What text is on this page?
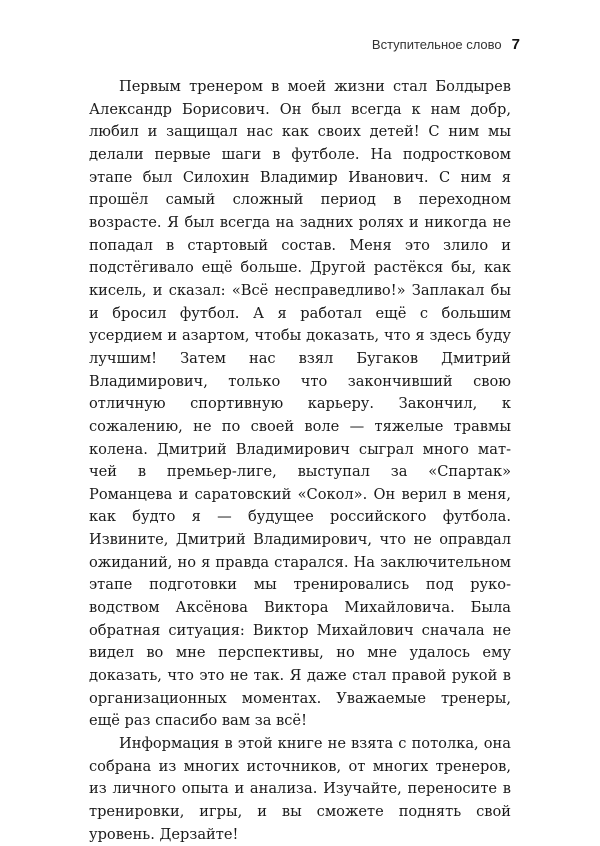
Вступительное слово 7

Первым тренером в моей жизни стал Болдырев Александр Борисович. Он был всегда к нам добр, любил и защищал нас как своих детей! С ним мы делали первые шаги в футболе. На подростковом этапе был Силохин Владимир Иванович. С ним я прошёл самый сложный период в переходном возрасте. Я был всегда на задних ролях и никогда не попадал в стартовый состав. Меня это злило и подстёгивало ещё больше. Другой растёкся бы, как кисель, и сказал: «Всё несправедливо!» Заплакал бы и бросил футбол. А я работал ещё с большим усердием и азартом, чтобы доказать, что я здесь буду лучшим! Затем нас взял Бугаков Дмитрий Владимирович, только что закончивший свою отличную спортивную карьеру. Закончил, к сожалению, не по своей воле — тяжелые травмы колена. Дмитрий Владимирович сыграл много матчей в премьер-лиге, выступал за «Спартак» Романцева и саратовский «Сокол». Он верил в меня, как будто я — будущее российского футбола. Извините, Дмитрий Владимирович, что не оправдал ожиданий, но я правда старался. На заключительном этапе подготовки мы тренировались под руководством Аксёнова Виктора Михайловича. Была обратная ситуация: Виктор Михайлович сначала не видел во мне перспективы, но мне удалось ему доказать, что это не так. Я даже стал правой рукой в организационных моментах. Уважаемые тренеры, ещё раз спасибо вам за всё!

Информация в этой книге не взята с потолка, она собрана из многих источников, от многих тренеров, из личного опыта и анализа. Изучайте, переносите в тренировки, игры, и вы сможете поднять свой уровень. Дерзайте!
